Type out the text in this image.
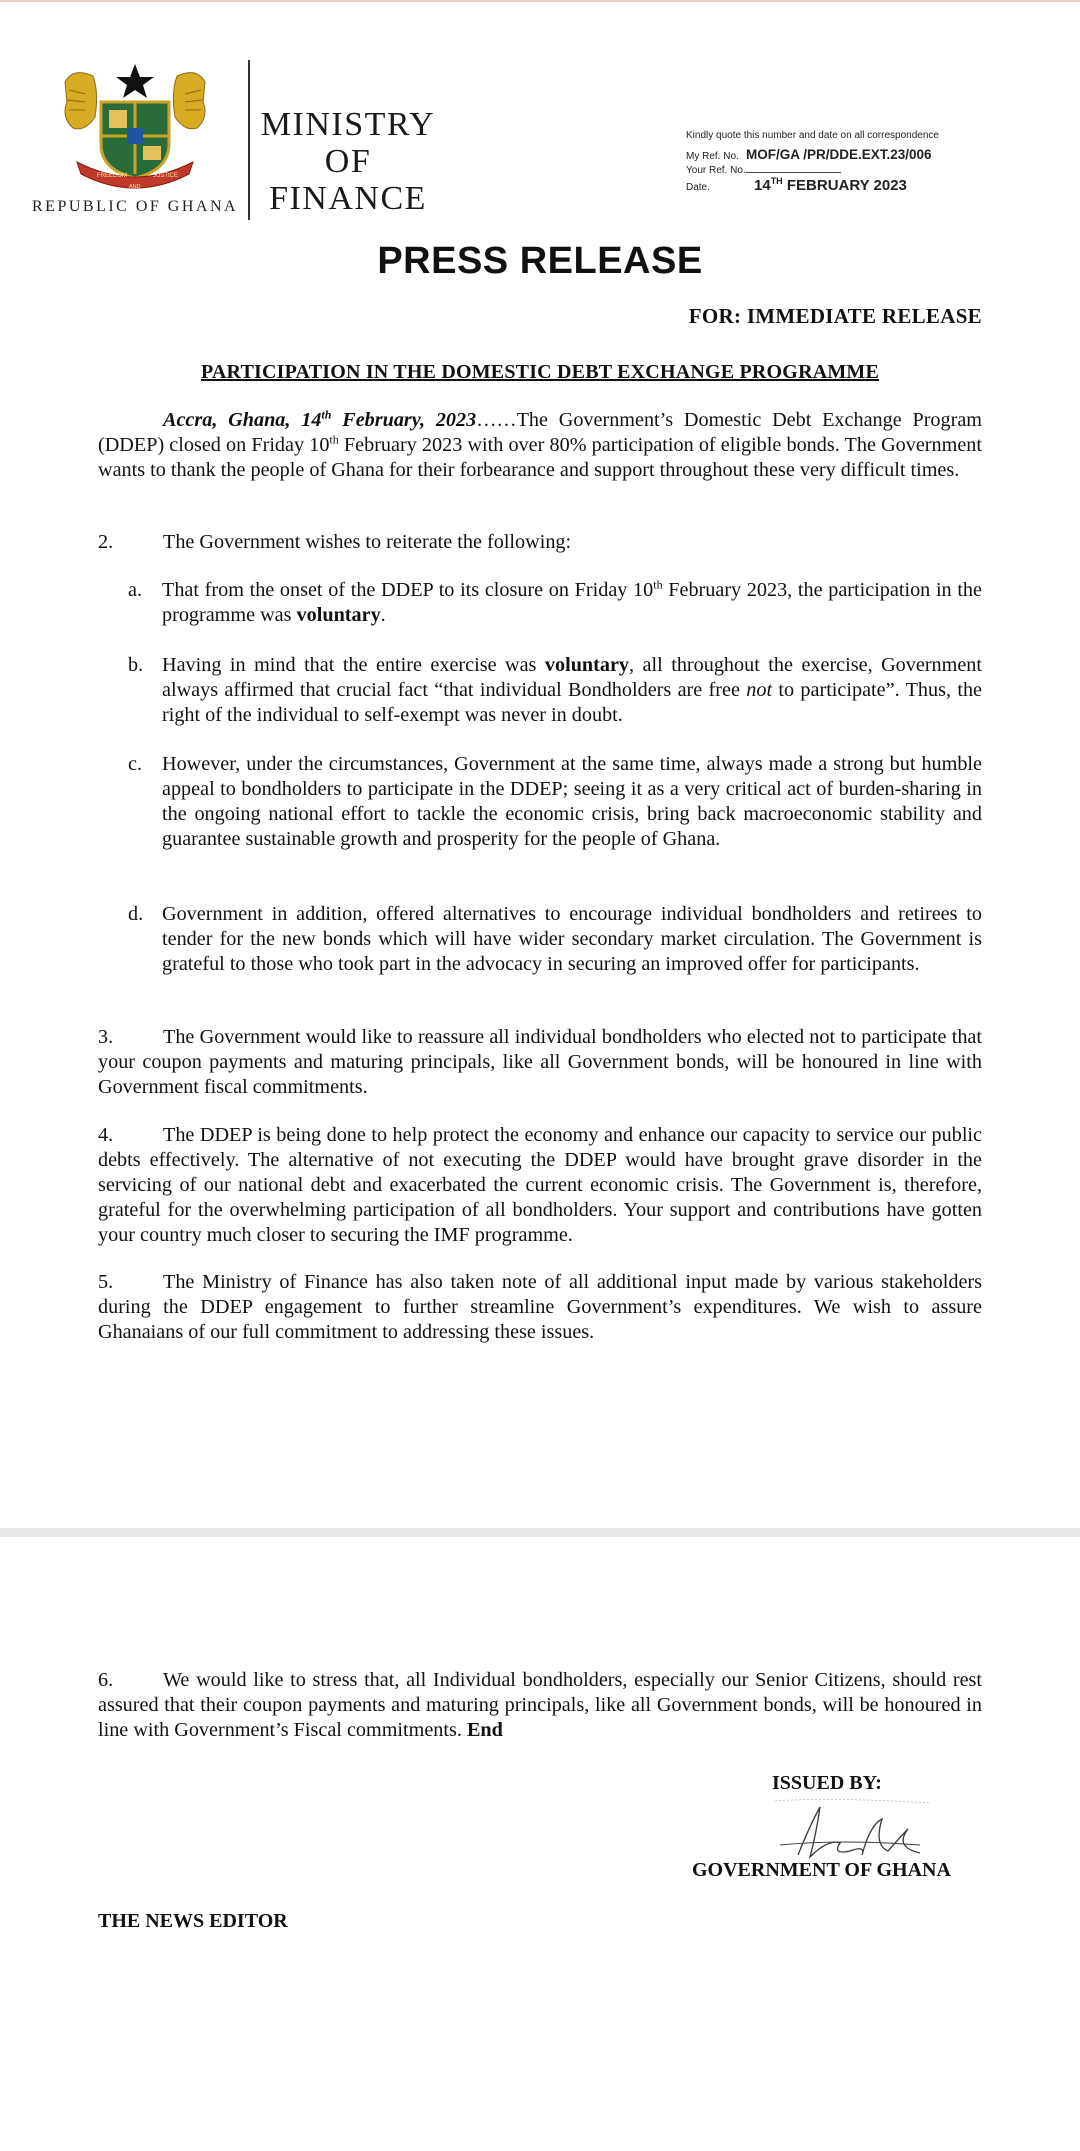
FREEDOM	JUSTICE
AND
REPUBLIC OF GHANA
MINISTRY
OF
FINANCE
Kindly quote this number and date on all correspondence
My Ref. No. MOF/GA /PR/DDE.EXT.23/006
Your Ref. No.
Date.	14TH FEBRUARY 2023
PRESS RELEASE
FOR: IMMEDIATE RELEASE
PARTICIPATION IN THE DOMESTIC DEBT EXCHANGE PROGRAMME
Accra, Ghana, 14th February, 2023……The Government’s Domestic Debt Exchange Program (DDEP) closed on Friday 10th February 2023 with over 80% participation of eligible bonds. The Government wants to thank the people of Ghana for their forbearance and support throughout these very difficult times.
2. The Government wishes to reiterate the following:
a. That from the onset of the DDEP to its closure on Friday 10th February 2023, the participation in the programme was voluntary.
b. Having in mind that the entire exercise was voluntary, all throughout the exercise, Government always affirmed that crucial fact “that individual Bondholders are free not to participate”. Thus, the right of the individual to self-exempt was never in doubt.
c. However, under the circumstances, Government at the same time, always made a strong but humble appeal to bondholders to participate in the DDEP; seeing it as a very critical act of burden-sharing in the ongoing national effort to tackle the economic crisis, bring back macroeconomic stability and guarantee sustainable growth and prosperity for the people of Ghana.
d. Government in addition, offered alternatives to encourage individual bondholders and retirees to tender for the new bonds which will have wider secondary market circulation. The Government is grateful to those who took part in the advocacy in securing an improved offer for participants.
3. The Government would like to reassure all individual bondholders who elected not to participate that your coupon payments and maturing principals, like all Government bonds, will be honoured in line with Government fiscal commitments.
4. The DDEP is being done to help protect the economy and enhance our capacity to service our public debts effectively. The alternative of not executing the DDEP would have brought grave disorder in the servicing of our national debt and exacerbated the current economic crisis. The Government is, therefore, grateful for the overwhelming participation of all bondholders. Your support and contributions have gotten your country much closer to securing the IMF programme.
5. The Ministry of Finance has also taken note of all additional input made by various stakeholders during the DDEP engagement to further streamline Government’s expenditures. We wish to assure Ghanaians of our full commitment to addressing these issues.
6. We would like to stress that, all Individual bondholders, especially our Senior Citizens, should rest assured that their coupon payments and maturing principals, like all Government bonds, will be honoured in line with Government’s Fiscal commitments. End
ISSUED BY:
GOVERNMENT OF GHANA
THE NEWS EDITOR
